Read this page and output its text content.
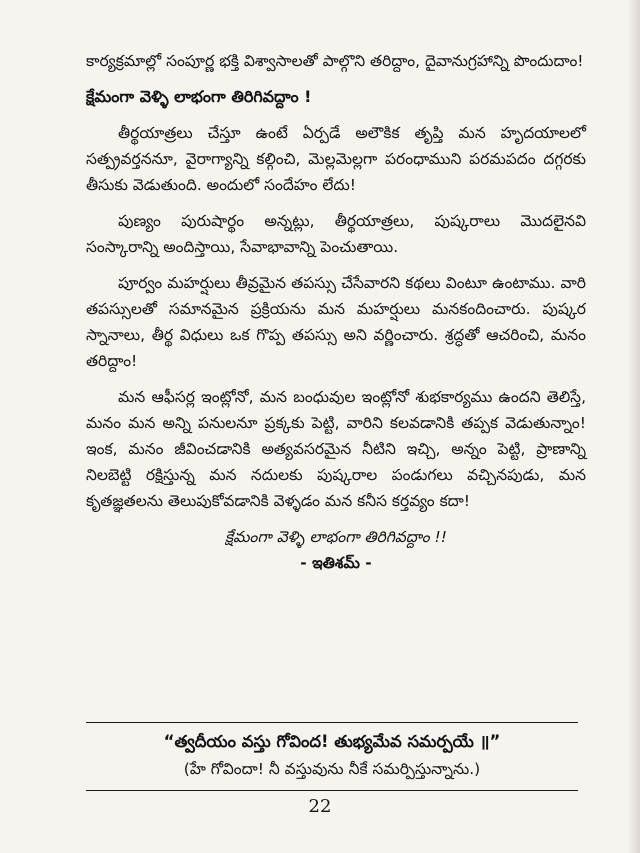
కార్యక్రమాల్లో సంపూర్ణ భక్తి విశ్వాసాలతో పాల్గొని తరిద్దాం, దైవానుగ్రహాన్ని పొందుదాం!

క్షేమంగా వెళ్ళి లాభంగా తిరిగివద్దాం !

తీర్థయాత్రలు చేస్తూ ఉంటే ఏర్పడే అలౌకిక తృప్తి మన హృదయాలలో సత్ప్రవర్తననూ, వైరాగ్యాన్ని కల్గించి, మెల్లమెల్లగా పరంధాముని పరమపదం దగ్గరకు తీసుకు వెడుతుంది. అందులో సందేహం లేదు!

పుణ్యం పురుషార్థం అన్నట్లు, తీర్థయాత్రలు, పుష్కరాలు మొదలైనవి సంస్కారాన్ని అందిస్తాయి, సేవాభావాన్ని పెంచుతాయి.

పూర్వం మహర్షులు తీవ్రమైన తపస్సు చేసేవారని కథలు వింటూ ఉంటాము. వారి తపస్సులతో సమానమైన ప్రక్రియను మన మహర్షులు మనకందించారు. పుష్కర స్నానాలు, తీర్థ విధులు ఒక గొప్ప తపస్సు అని వర్ణించారు. శ్రద్ధతో ఆచరించి, మనం తరిద్దాం!

మన ఆఫీసర్ల ఇంట్లోనో, మన బంధువుల ఇంట్లోనో శుభకార్యము ఉందని తెలిస్తే, మనం మన అన్ని పనులనూ ప్రక్కకు పెట్టి, వారిని కలవడానికి తప్పక వెడుతున్నాం! ఇంక, మనం జీవించడానికి అత్యవసరమైన నీటిని ఇచ్చి, అన్నం పెట్టి, ప్రాణాన్ని నిలబెట్టి రక్షిస్తున్న మన నదులకు పుష్కరాల పండుగలు వచ్చినపుడు, మన కృతజ్ఞతలను తెలుపుకోవడానికి వెళ్ళడం మన కనీస కర్తవ్యం కదా!

క్షేమంగా వెళ్ళి లాభంగా తిరిగివద్దాం !!

- ఇతిశమ్ -

“త్వదీయం వస్తు గోవింద! తుభ్యమేవ సమర్పయే ॥”
(హే గోవిందా! నీ వస్తువును నీకే సమర్పిస్తున్నాను.)
22
